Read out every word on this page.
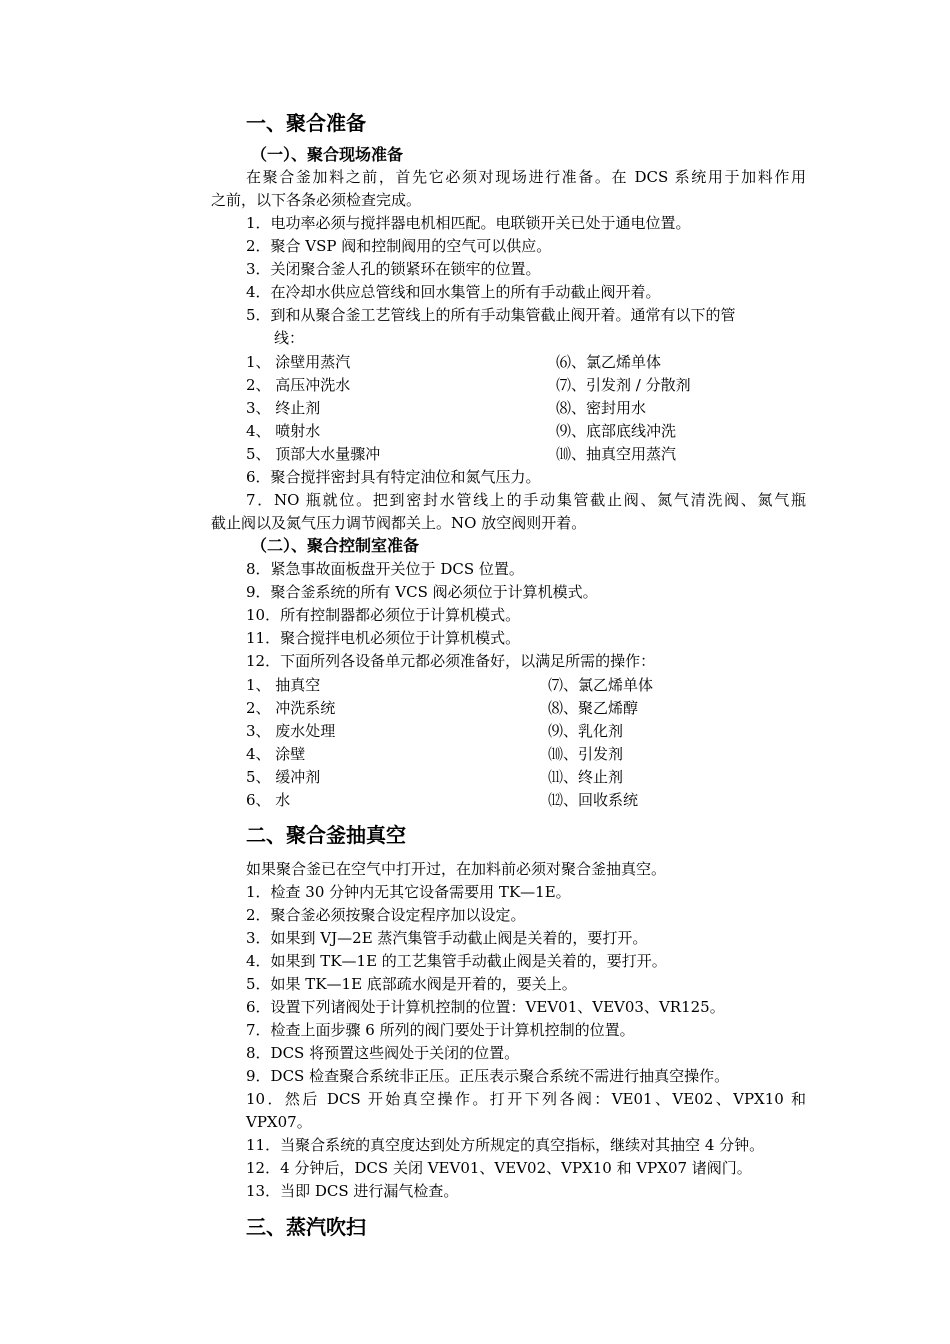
一、聚合准备
（一）、聚合现场准备
在聚合釜加料之前，首先它必须对现场进行准备。在 DCS 系统用于加料作用
之前，以下各条必须检查完成。
1．电功率必须与搅拌器电机相匹配。电联锁开关已处于通电位置。
2．聚合 VSP 阀和控制阀用的空气可以供应。
3．关闭聚合釜人孔的锁紧环在锁牢的位置。
4．在冷却水供应总管线和回水集管上的所有手动截止阀开着。
5．到和从聚合釜工艺管线上的所有手动集管截止阀开着。通常有以下的管
线：
1、 涂壁用蒸汽
2、 高压冲洗水
3、 终止剂
4、 喷射水
5、 顶部大水量骤冲
⑹、氯乙烯单体
⑺、引发剂 / 分散剂
⑻、密封用水
⑼、底部底线冲洗
⑽、抽真空用蒸汽
6．聚合搅拌密封具有特定油位和氮气压力。
7．NO 瓶就位。把到密封水管线上的手动集管截止阀、氮气清洗阀、氮气瓶
截止阀以及氮气压力调节阀都关上。NO 放空阀则开着。
（二）、聚合控制室准备
8．紧急事故面板盘开关位于 DCS 位置。
9．聚合釜系统的所有 VCS 阀必须位于计算机模式。
10．所有控制器都必须位于计算机模式。
11．聚合搅拌电机必须位于计算机模式。
12．下面所列各设备单元都必须准备好，以满足所需的操作：
1、 抽真空
2、 冲洗系统
3、 废水处理
4、 涂壁
5、 缓冲剂
6、 水
⑺、氯乙烯单体
⑻、聚乙烯醇
⑼、乳化剂
⑽、引发剂
⑾、终止剂
⑿、回收系统
二、聚合釜抽真空
如果聚合釜已在空气中打开过，在加料前必须对聚合釜抽真空。
1．检查 30 分钟内无其它设备需要用 TK—1E。
2．聚合釜必须按聚合设定程序加以设定。
3．如果到 VJ—2E 蒸汽集管手动截止阀是关着的，要打开。
4．如果到 TK—1E 的工艺集管手动截止阀是关着的，要打开。
5．如果 TK—1E 底部疏水阀是开着的，要关上。
6．设置下列诸阀处于计算机控制的位置：VEV01、VEV03、VR125。
7．检查上面步骤 6 所列的阀门要处于计算机控制的位置。
8．DCS 将预置这些阀处于关闭的位置。
9．DCS 检查聚合系统非正压。正压表示聚合系统不需进行抽真空操作。
10．然后 DCS 开始真空操作。打开下列各阀：VE01、VE02、VPX10 和
VPX07。
11．当聚合系统的真空度达到处方所规定的真空指标，继续对其抽空 4 分钟。
12．4 分钟后，DCS 关闭 VEV01、VEV02、VPX10 和 VPX07 诸阀门。
13．当即 DCS 进行漏气检查。
三、蒸汽吹扫
